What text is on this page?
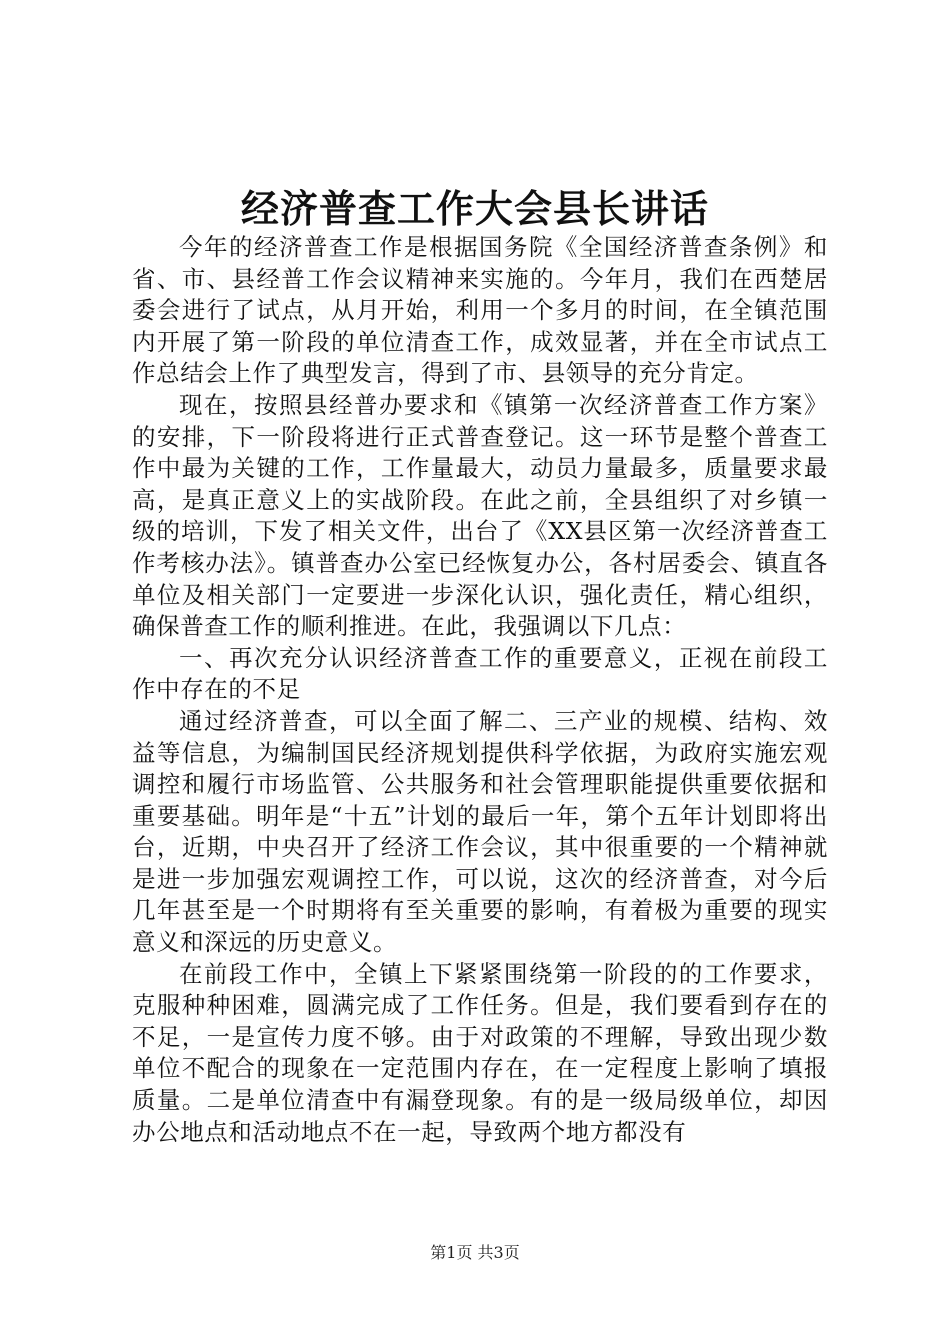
经济普查工作大会县长讲话

今年的经济普查工作是根据国务院《全国经济普查条例》和省、市、县经普工作会议精神来实施的。今年月，我们在西楚居委会进行了试点，从月开始，利用一个多月的时间，在全镇范围内开展了第一阶段的单位清查工作，成效显著，并在全市试点工作总结会上作了典型发言，得到了市、县领导的充分肯定。

现在，按照县经普办要求和《镇第一次经济普查工作方案》的安排，下一阶段将进行正式普查登记。这一环节是整个普查工作中最为关键的工作，工作量最大，动员力量最多，质量要求最高，是真正意义上的实战阶段。在此之前，全县组织了对乡镇一级的培训，下发了相关文件，出台了《XX县区第一次经济普查工作考核办法》。镇普查办公室已经恢复办公，各村居委会、镇直各单位及相关部门一定要进一步深化认识，强化责任，精心组织，确保普查工作的顺利推进。在此，我强调以下几点：

一、再次充分认识经济普查工作的重要意义，正视在前段工作中存在的不足

通过经济普查，可以全面了解二、三产业的规模、结构、效益等信息，为编制国民经济规划提供科学依据，为政府实施宏观调控和履行市场监管、公共服务和社会管理职能提供重要依据和重要基础。明年是“十五”计划的最后一年，第个五年计划即将出台，近期，中央召开了经济工作会议，其中很重要的一个精神就是进一步加强宏观调控工作，可以说，这次的经济普查，对今后几年甚至是一个时期将有至关重要的影响，有着极为重要的现实意义和深远的历史意义。

在前段工作中，全镇上下紧紧围绕第一阶段的的工作要求，克服种种困难，圆满完成了工作任务。但是，我们要看到存在的不足，一是宣传力度不够。由于对政策的不理解，导致出现少数单位不配合的现象在一定范围内存在，在一定程度上影响了填报质量。二是单位清查中有漏登现象。有的是一级局级单位，却因办公地点和活动地点不在一起，导致两个地方都没有

第1页 共3页
